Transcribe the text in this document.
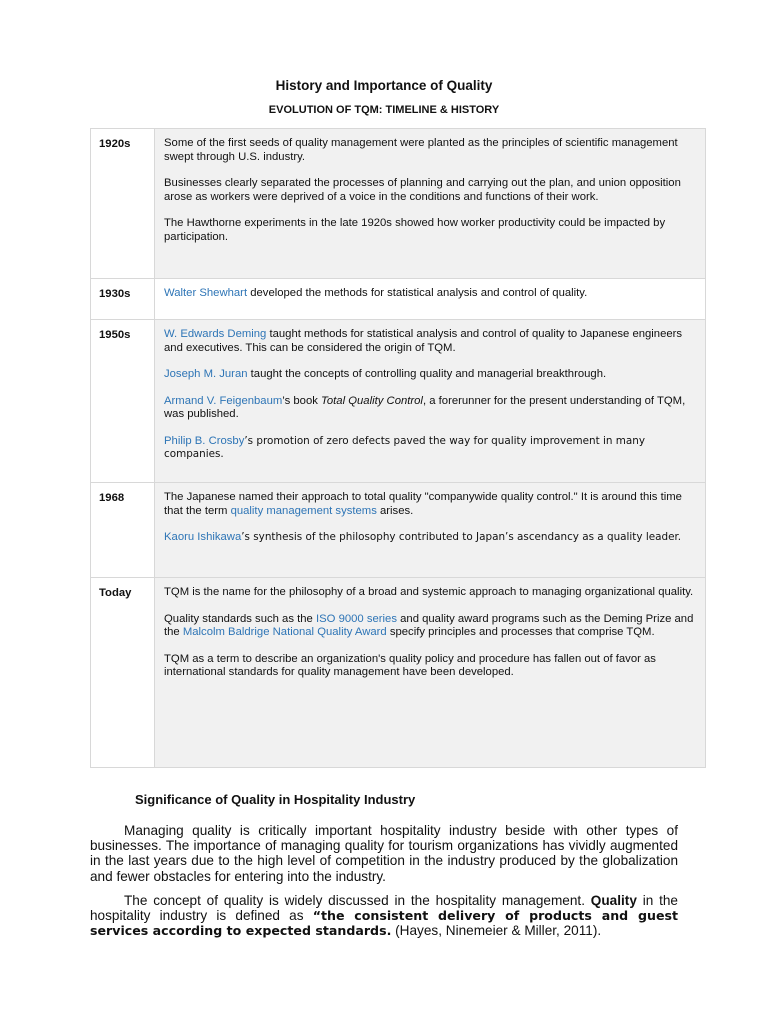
History and Importance of Quality
EVOLUTION OF TQM: TIMELINE & HISTORY
1920s	Some of the first seeds of quality management were planted as the principles of scientific management swept through U.S. industry.

Businesses clearly separated the processes of planning and carrying out the plan, and union opposition arose as workers were deprived of a voice in the conditions and functions of their work.

The Hawthorne experiments in the late 1920s showed how worker productivity could be impacted by participation.

1930s	Walter Shewhart developed the methods for statistical analysis and control of quality.

1950s	W. Edwards Deming taught methods for statistical analysis and control of quality to Japanese engineers and executives. This can be considered the origin of TQM.

Joseph M. Juran taught the concepts of controlling quality and managerial breakthrough.

Armand V. Feigenbaum’s book Total Quality Control, a forerunner for the present understanding of TQM, was published.

Philip B. Crosby’s promotion of zero defects paved the way for quality improvement in many companies.

1968	The Japanese named their approach to total quality "companywide quality control." It is around this time that the term quality management systems arises.

Kaoru Ishikawa’s synthesis of the philosophy contributed to Japan’s ascendancy as a quality leader.

Today	TQM is the name for the philosophy of a broad and systemic approach to managing organizational quality.

Quality standards such as the ISO 9000 series and quality award programs such as the Deming Prize and the Malcolm Baldrige National Quality Award specify principles and processes that comprise TQM.

TQM as a term to describe an organization's quality policy and procedure has fallen out of favor as international standards for quality management have been developed.

Significance of Quality in Hospitality Industry

Managing quality is critically important hospitality industry beside with other types of businesses. The importance of managing quality for tourism organizations has vividly augmented in the last years due to the high level of competition in the industry produced by the globalization and fewer obstacles for entering into the industry.

The concept of quality is widely discussed in the hospitality management. Quality in the hospitality industry is defined as “the consistent delivery of products and guest services according to expected standards. (Hayes, Ninemeier & Miller, 2011).
